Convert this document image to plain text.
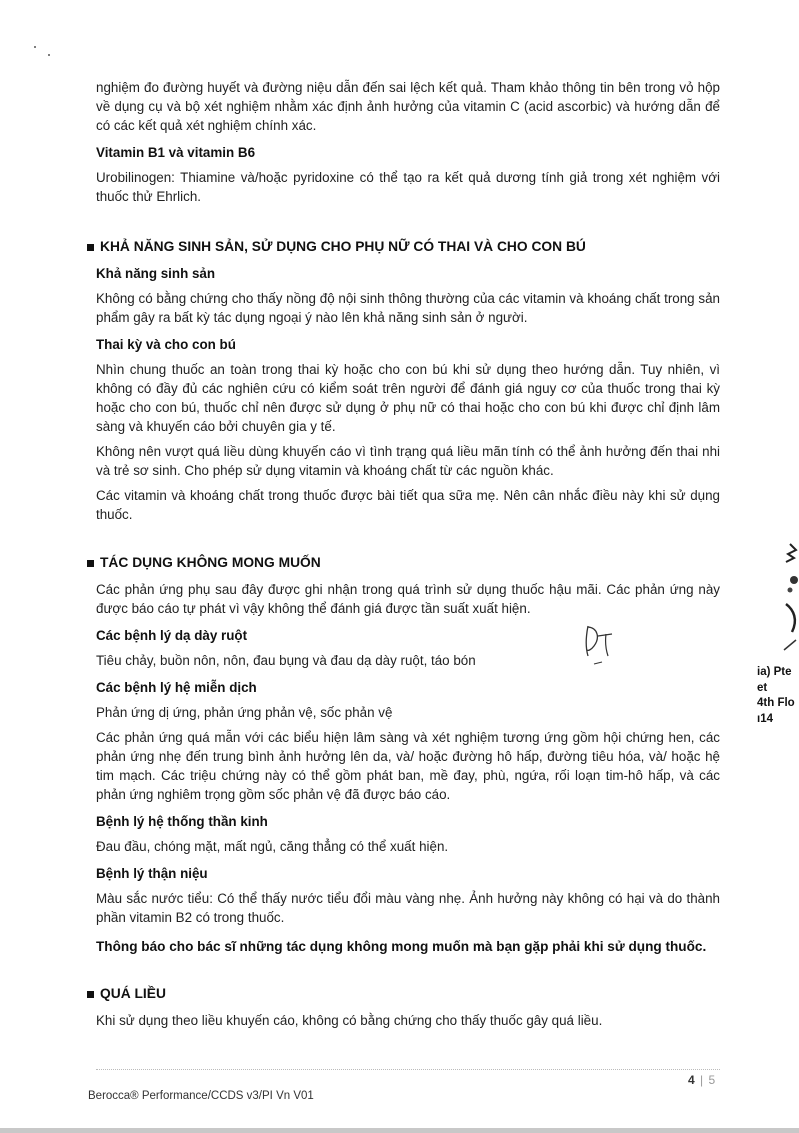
nghiệm đo đường huyết và đường niệu dẫn đến sai lệch kết quả. Tham khảo thông tin bên trong vỏ hộp về dụng cụ và bộ xét nghiệm nhằm xác định ảnh hưởng của vitamin C (acid ascorbic) và hướng dẫn để có các kết quả xét nghiệm chính xác.

Vitamin B1 và vitamin B6

Urobilinogen: Thiamine và/hoặc pyridoxine có thể tạo ra kết quả dương tính giả trong xét nghiệm với thuốc thử Ehrlich.

KHẢ NĂNG SINH SẢN, SỬ DỤNG CHO PHỤ NỮ CÓ THAI VÀ CHO CON BÚ
Khả năng sinh sản

Không có bằng chứng cho thấy nồng độ nội sinh thông thường của các vitamin và khoáng chất trong sản phẩm gây ra bất kỳ tác dụng ngoại ý nào lên khả năng sinh sản ở người.

Thai kỳ và cho con bú

Nhìn chung thuốc an toàn trong thai kỳ hoặc cho con bú khi sử dụng theo hướng dẫn. Tuy nhiên, vì không có đầy đủ các nghiên cứu có kiểm soát trên người để đánh giá nguy cơ của thuốc trong thai kỳ hoặc cho con bú, thuốc chỉ nên được sử dụng ở phụ nữ có thai hoặc cho con bú khi được chỉ định lâm sàng và khuyến cáo bởi chuyên gia y tế.

Không nên vượt quá liều dùng khuyến cáo vì tình trạng quá liều mãn tính có thể ảnh hưởng đến thai nhi và trẻ sơ sinh. Cho phép sử dụng vitamin và khoáng chất từ các nguồn khác.

Các vitamin và khoáng chất trong thuốc được bài tiết qua sữa mẹ. Nên cân nhắc điều này khi sử dụng thuốc.

TÁC DỤNG KHÔNG MONG MUỐN

Các phản ứng phụ sau đây được ghi nhận trong quá trình sử dụng thuốc hậu mãi. Các phản ứng này được báo cáo tự phát vì vậy không thể đánh giá được tần suất xuất hiện.

Các bệnh lý dạ dày ruột

Tiêu chảy, buồn nôn, nôn, đau bụng và đau dạ dày ruột, táo bón

Các bệnh lý hệ miễn dịch

Phản ứng dị ứng, phản ứng phản vệ, sốc phản vệ

Các phản ứng quá mẫn với các biểu hiện lâm sàng và xét nghiệm tương ứng gồm hội chứng hen, các phản ứng nhẹ đến trung bình ảnh hưởng lên da, và/ hoặc đường hô hấp, đường tiêu hóa, và/ hoặc hệ tim mạch. Các triệu chứng này có thể gồm phát ban, mề đay, phù, ngứa, rối loạn tim-hô hấp, và các phản ứng nghiêm trọng gồm sốc phản vệ đã được báo cáo.

Bệnh lý hệ thống thần kinh

Đau đầu, chóng mặt, mất ngủ, căng thẳng có thể xuất hiện.

Bệnh lý thận niệu

Màu sắc nước tiểu: Có thể thấy nước tiểu đổi màu vàng nhẹ. Ảnh hưởng này không có hại và do thành phần vitamin B2 có trong thuốc.

Thông báo cho bác sĩ những tác dụng không mong muốn mà bạn gặp phải khi sử dụng thuốc.

QUÁ LIỀU

Khi sử dụng theo liều khuyến cáo, không có bằng chứng cho thấy thuốc gây quá liều.

ia) Pte
et
4th Flo
ı14
4 | 5
Berocca® Performance/CCDS v3/PI Vn V01
